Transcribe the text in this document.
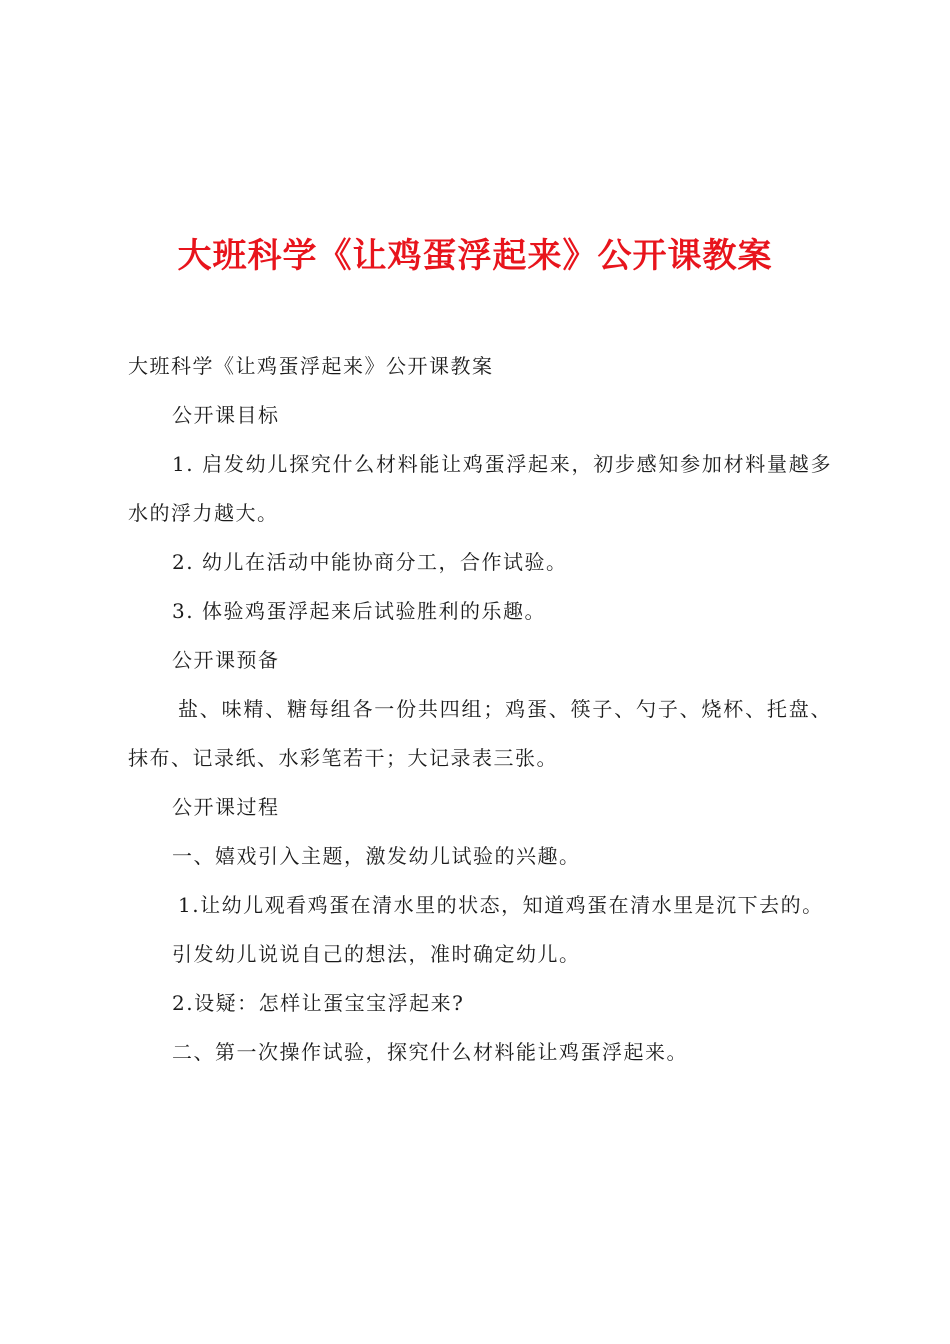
大班科学《让鸡蛋浮起来》公开课教案

大班科学《让鸡蛋浮起来》公开课教案

公开课目标

1. 启发幼儿探究什么材料能让鸡蛋浮起来，初步感知参加材料量越多水的浮力越大。

2. 幼儿在活动中能协商分工，合作试验。

3. 体验鸡蛋浮起来后试验胜利的乐趣。

公开课预备

盐、味精、糖每组各一份共四组；鸡蛋、筷子、勺子、烧杯、托盘、抹布、记录纸、水彩笔若干；大记录表三张。

公开课过程

一、嬉戏引入主题，激发幼儿试验的兴趣。

1.让幼儿观看鸡蛋在清水里的状态，知道鸡蛋在清水里是沉下去的。

引发幼儿说说自己的想法，准时确定幼儿。

2.设疑：怎样让蛋宝宝浮起来?

二、第一次操作试验，探究什么材料能让鸡蛋浮起来。
